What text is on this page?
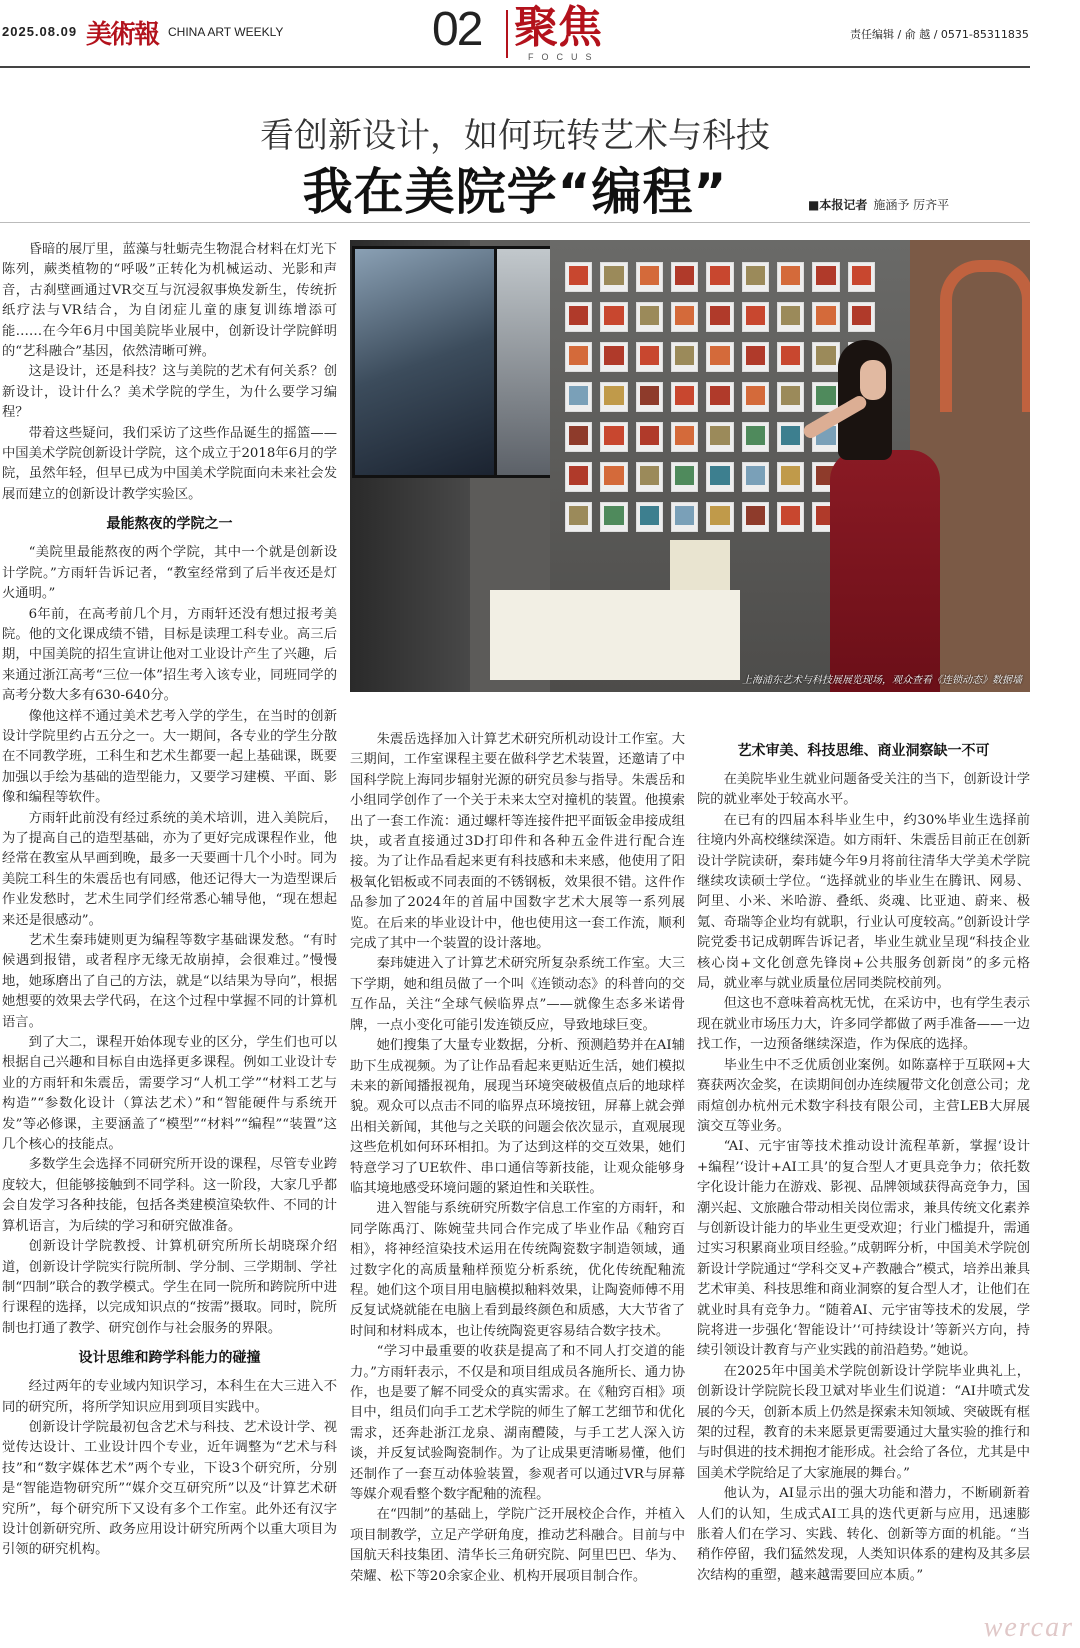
2025.08.09 美術報 CHINA ART WEEKLY	02 聚焦
FOCUS
责任编辑 / 俞 越 / 0571-85311835
看创新设计，如何玩转艺术与科技
我在美院学“编程”	■本报记者 施涵予 厉齐平

昏暗的展厅里，蓝藻与牡蛎壳生物混合材料在灯光下陈列，蕨类植物的“呼吸”正转化为机械运动、光影和声音，古刹壁画通过VR交互与沉浸叙事焕发新生，传统折纸疗法与VR结合，为自闭症儿童的康复训练增添可能……在今年6月中国美院毕业展中，创新设计学院鲜明的“艺科融合”基因，依然清晰可辨。

这是设计，还是科技？这与美院的艺术有何关系？创新设计，设计什么？美术学院的学生，为什么要学习编程？

带着这些疑问，我们采访了这些作品诞生的摇篮——中国美术学院创新设计学院，这个成立于2018年6月的学院，虽然年轻，但早已成为中国美术学院面向未来社会发展而建立的创新设计教学实验区。

最能熬夜的学院之一

“美院里最能熬夜的两个学院，其中一个就是创新设计学院。”方雨轩告诉记者，“教室经常到了后半夜还是灯火通明。”

6年前，在高考前几个月，方雨轩还没有想过报考美院。他的文化课成绩不错，目标是读理工科专业。高三后期，中国美院的招生宣讲让他对工业设计产生了兴趣，后来通过浙江高考“三位一体”招生考入该专业，同班同学的高考分数大多有630-640分。

像他这样不通过美术艺考入学的学生，在当时的创新设计学院里约占五分之一。大一期间，各专业的学生分散在不同教学班，工科生和艺术生都要一起上基础课，既要加强以手绘为基础的造型能力，又要学习建模、平面、影像和编程等软件。

方雨轩此前没有经过系统的美术培训，进入美院后，为了提高自己的造型基础，亦为了更好完成课程作业，他经常在教室从早画到晚，最多一天要画十几个小时。同为美院工科生的朱震岳也有同感，他还记得大一为造型课后作业发愁时，艺术生同学们经常悉心辅导他，“现在想起来还是很感动”。

艺术生秦玮婕则更为编程等数字基础课发愁。“有时候遇到报错，或者程序无缘无故崩掉，会很难过。”慢慢地，她琢磨出了自己的方法，就是“以结果为导向”，根据她想要的效果去学代码，在这个过程中掌握不同的计算机语言。

到了大二，课程开始体现专业的区分，学生们也可以根据自己兴趣和目标自由选择更多课程。例如工业设计专业的方雨轩和朱震岳，需要学习“人机工学”“材料工艺与构造”“参数化设计（算法艺术）”和“智能硬件与系统开发”等必修课，主要涵盖了“模型”“材料”“编程”“装置”这几个核心的技能点。

多数学生会选择不同研究所开设的课程，尽管专业跨度较大，但能够接触到不同学科。这一阶段，大家几乎都会自发学习各种技能，包括各类建模渲染软件、不同的计算机语言，为后续的学习和研究做准备。

创新设计学院教授、计算机研究所所长胡晓琛介绍道，创新设计学院实行院所制、学分制、三学期制、学社制“四制”联合的教学模式。学生在同一院所和跨院所中进行课程的选择，以完成知识点的“按需”摄取。同时，院所制也打通了教学、研究创作与社会服务的界限。

设计思维和跨学科能力的碰撞

经过两年的专业域内知识学习，本科生在大三进入不同的研究所，将所学知识应用到项目实践中。

创新设计学院最初包含艺术与科技、艺术设计学、视觉传达设计、工业设计四个专业，近年调整为“艺术与科技”和“数字媒体艺术”两个专业，下设3个研究所，分别是“智能造物研究所”“媒介交互研究所”以及“计算艺术研究所”，每个研究所下又设有多个工作室。此外还有汉字设计创新研究所、政务应用设计研究所两个以重大项目为引领的研究机构。

上海浦东艺术与科技展展览现场，观众查看《连锁动态》数据墙

朱震岳选择加入计算艺术研究所机动设计工作室。大三期间，工作室课程主要在做科学艺术装置，还邀请了中国科学院上海同步辐射光源的研究员参与指导。朱震岳和小组同学创作了一个关于未来太空对撞机的装置。他摸索出了一套工作流：通过螺杆等连接件把平面钣金串接成组块，或者直接通过3D打印件和各种五金件进行配合连接。为了让作品看起来更有科技感和未来感，他使用了阳极氧化铝板或不同表面的不锈钢板，效果很不错。这件作品参加了2024年的首届中国数字艺术大展等一系列展览。在后来的毕业设计中，他也使用这一套工作流，顺利完成了其中一个装置的设计落地。

秦玮婕进入了计算艺术研究所复杂系统工作室。大三下学期，她和组员做了一个叫《连锁动态》的科普向的交互作品，关注“全球气候临界点”——就像生态多米诺骨牌，一点小变化可能引发连锁反应，导致地球巨变。

她们搜集了大量专业数据，分析、预测趋势并在AI辅助下生成视频。为了让作品看起来更贴近生活，她们模拟未来的新闻播报视角，展现当环境突破极值点后的地球样貌。观众可以点击不同的临界点环境按钮，屏幕上就会弹出相关新闻，其他与之关联的问题会依次显示，直观展现这些危机如何环环相扣。为了达到这样的交互效果，她们特意学习了UE软件、串口通信等新技能，让观众能够身临其境地感受环境问题的紧迫性和关联性。

进入智能与系统研究所数字信息工作室的方雨轩，和同学陈禹汀、陈婉莹共同合作完成了毕业作品《釉窍百相》，将神经渲染技术运用在传统陶瓷数字制造领域，通过数字化的高质量釉样预览分析系统，优化传统配釉流程。她们这个项目用电脑模拟釉料效果，让陶瓷师傅不用反复试烧就能在电脑上看到最终颜色和质感，大大节省了时间和材料成本，也让传统陶瓷更容易结合数字技术。

“学习中最重要的收获是提高了和不同人打交道的能力。”方雨轩表示，不仅是和项目组成员各施所长、通力协作，也是要了解不同受众的真实需求。在《釉窍百相》项目中，组员们向手工艺术学院的师生了解工艺细节和优化需求，还奔赴浙江龙泉、湖南醴陵，与手工艺人深入访谈，并反复试验陶瓷制作。为了让成果更清晰易懂，他们还制作了一套互动体验装置，参观者可以通过VR与屏幕等媒介观看整个数字配釉的流程。

在“四制”的基础上，学院广泛开展校企合作，并植入项目制教学，立足产学研角度，推动艺科融合。目前与中国航天科技集团、清华长三角研究院、阿里巴巴、华为、荣耀、松下等20余家企业、机构开展项目制合作。

艺术审美、科技思维、商业洞察缺一不可

在美院毕业生就业问题备受关注的当下，创新设计学院的就业率处于较高水平。

在已有的四届本科毕业生中，约30%毕业生选择前往境内外高校继续深造。如方雨轩、朱震岳目前正在创新设计学院读研，秦玮婕今年9月将前往清华大学美术学院继续攻读硕士学位。“选择就业的毕业生在腾讯、网易、阿里、小米、米哈游、叠纸、炎魂、比亚迪、蔚来、极氪、奇瑞等企业均有就职，行业认可度较高。”创新设计学院党委书记成朝晖告诉记者，毕业生就业呈现“科技企业核心岗+文化创意先锋岗+公共服务创新岗”的多元格局，就业率与就业质量位居同类院校前列。

但这也不意味着高枕无忧，在采访中，也有学生表示现在就业市场压力大，许多同学都做了两手准备——一边找工作，一边预备继续深造，作为保底的选择。

毕业生中不乏优质创业案例。如陈嘉梓于互联网+大赛获两次金奖，在读期间创办连续履带文化创意公司；龙雨煊创办杭州元术数字科技有限公司，主营LEB大屏展演交互等业务。

“AI、元宇宙等技术推动设计流程革新，掌握‘设计+编程’‘设计+AI工具’的复合型人才更具竞争力；依托数字化设计能力在游戏、影视、品牌领域获得高竞争力，国潮兴起、文旅融合带动相关岗位需求，兼具传统文化素养与创新设计能力的毕业生更受欢迎；行业门槛提升，需通过实习积累商业项目经验。”成朝晖分析，中国美术学院创新设计学院通过“学科交叉+产教融合”模式，培养出兼具艺术审美、科技思维和商业洞察的复合型人才，让他们在就业时具有竞争力。“随着AI、元宇宙等技术的发展，学院将进一步强化‘智能设计’‘可持续设计’等新兴方向，持续引领设计教育与产业实践的前沿趋势。”她说。

在2025年中国美术学院创新设计学院毕业典礼上，创新设计学院院长段卫斌对毕业生们说道：“AI井喷式发展的今天，创新本质上仍然是探索未知领域、突破既有框架的过程，教育的未来愿景更需要通过大量实验的推行和与时俱进的技术拥抱才能形成。社会给了各位，尤其是中国美术学院给足了大家施展的舞台。”

他认为，AI显示出的强大功能和潜力，不断刷新着人们的认知，生成式AI工具的迭代更新与应用，迅速膨胀着人们在学习、实践、转化、创新等方面的机能。“当稍作停留，我们猛然发现，人类知识体系的建构及其多层次结构的重塑，越来越需要回应本质。”

wercar
